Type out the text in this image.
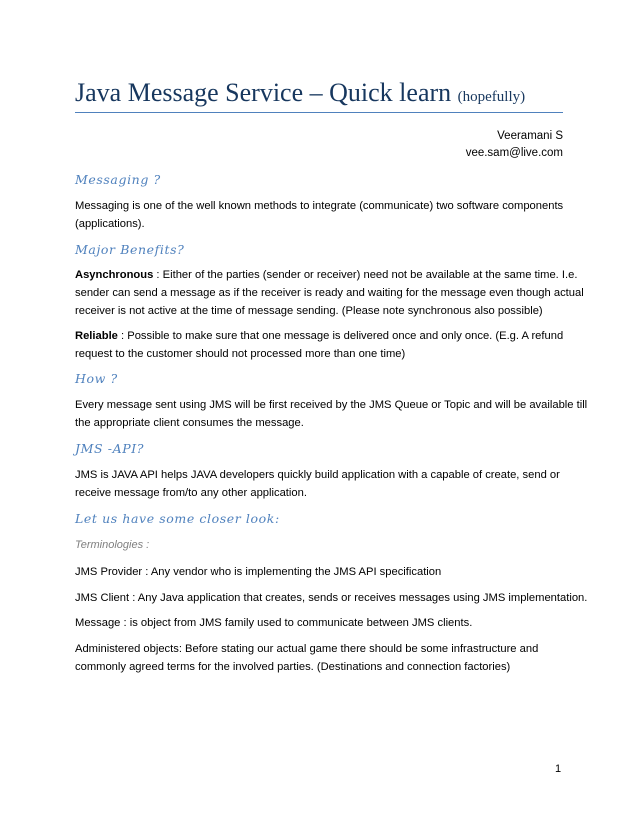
Java Message Service – Quick learn (hopefully)
Veeramani S
vee.sam@live.com
Messaging ?
Messaging is one of the well known methods to integrate (communicate) two software components
(applications).
Major Benefits?
Asynchronous : Either of the parties (sender or receiver) need not be available at the same time. I.e.
sender can send a message as if the receiver is ready and waiting for the message even though actual
receiver is not active at the time of message sending. (Please note synchronous also possible)
Reliable : Possible to make sure that one message is delivered once and only once. (E.g. A refund
request to the customer should not processed more than one time)
How ?
Every message sent using JMS will be first received by the JMS Queue or Topic and will be available till
the appropriate client consumes the message.
JMS -API?
JMS is JAVA API helps JAVA developers quickly build application with a capable of create, send or
receive message from/to any other application.
Let us have some closer look:
Terminologies :
JMS Provider : Any vendor who is implementing the JMS API specification
JMS Client : Any Java application that creates, sends or receives messages using JMS implementation.
Message : is object from JMS family used to communicate between JMS clients.
Administered objects: Before stating our actual game there should be some infrastructure and
commonly agreed terms for the involved parties. (Destinations and connection factories)
1
